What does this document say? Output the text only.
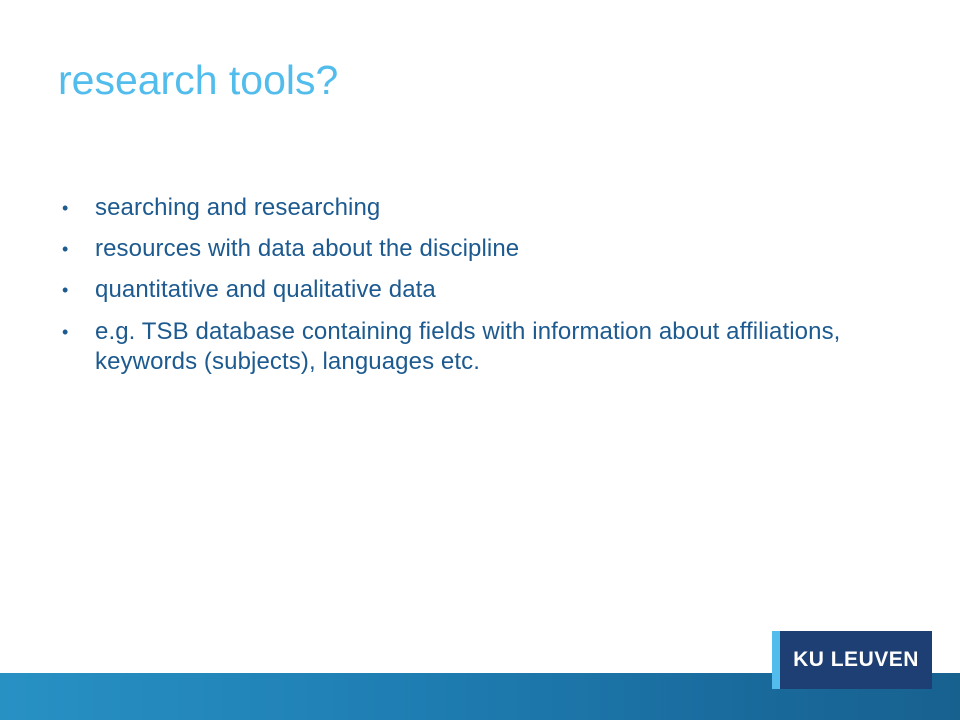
research tools?
• searching and researching
• resources with data about the discipline
• quantitative and qualitative data
• e.g. TSB database containing fields with information about affiliations, keywords (subjects), languages etc.
KU LEUVEN
